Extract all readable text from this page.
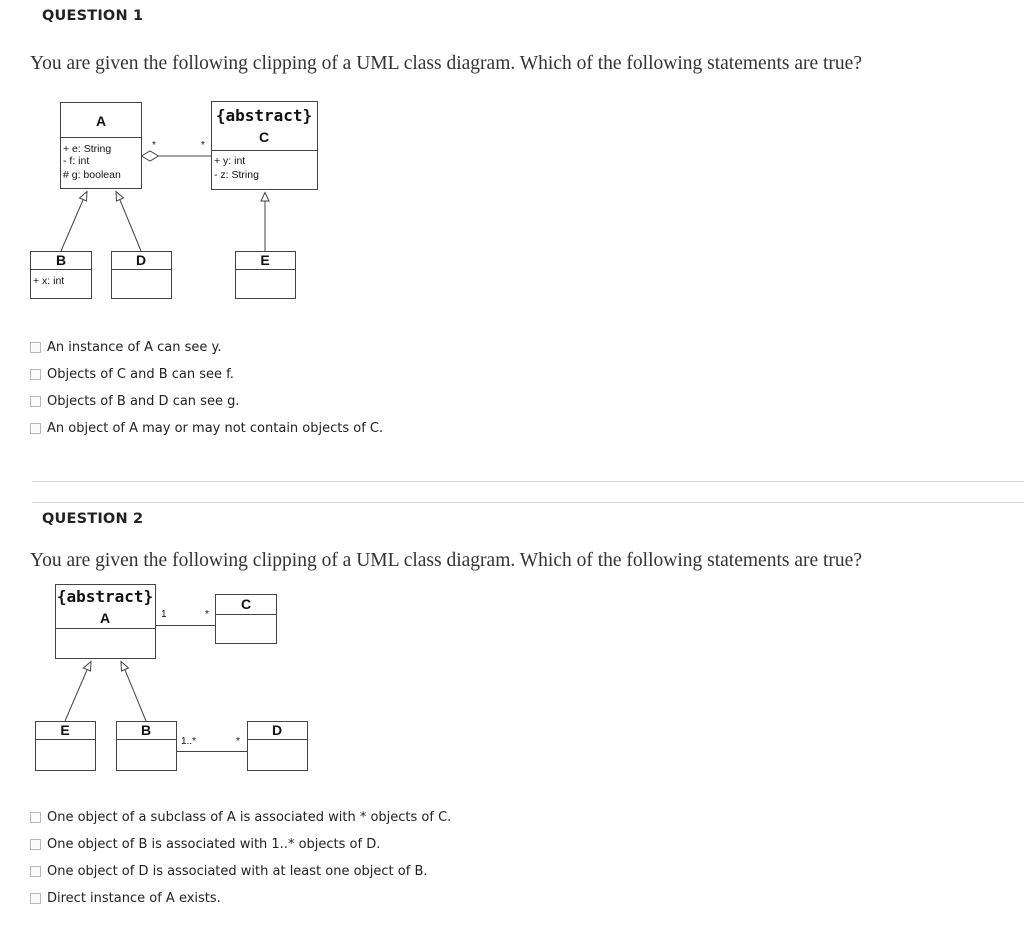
QUESTION 1
You are given the following clipping of a UML class diagram. Which of the following statements are true?
A
+ e: String
- f: int
# g: boolean
{abstract}
C
+ y: int
- z: String
*	*
B
+ x: int
D	E
An instance of A can see y.
Objects of C and B can see f.
Objects of B and D can see g.
An object of A may or may not contain objects of C.
QUESTION 2
You are given the following clipping of a UML class diagram. Which of the following statements are true?
{abstract}
A
C
1	*
E	B	D
1..*	*
One object of a subclass of A is associated with * objects of C.
One object of B is associated with 1..* objects of D.
One object of D is associated with at least one object of B.
Direct instance of A exists.
